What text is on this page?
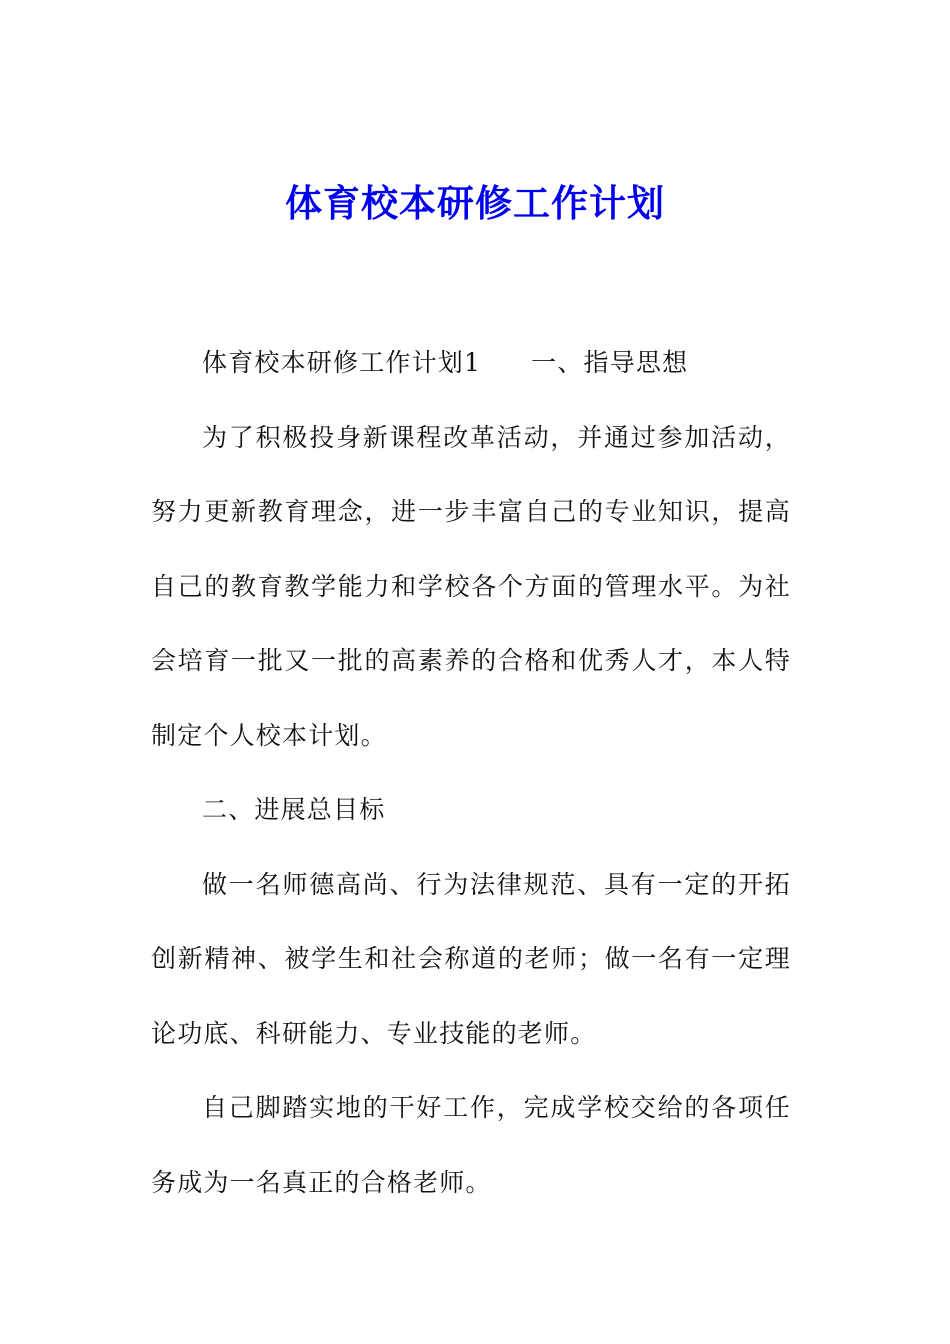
体育校本研修工作计划

体育校本研修工作计划1 一、指导思想

为了积极投身新课程改革活动，并通过参加活动，努力更新教育理念，进一步丰富自己的专业知识，提高自己的教育教学能力和学校各个方面的管理水平。为社会培育一批又一批的高素养的合格和优秀人才，本人特制定个人校本计划。

二、进展总目标

做一名师德高尚、行为法律规范、具有一定的开拓创新精神、被学生和社会称道的老师；做一名有一定理论功底、科研能力、专业技能的老师。

自己脚踏实地的干好工作，完成学校交给的各项任务成为一名真正的合格老师。
